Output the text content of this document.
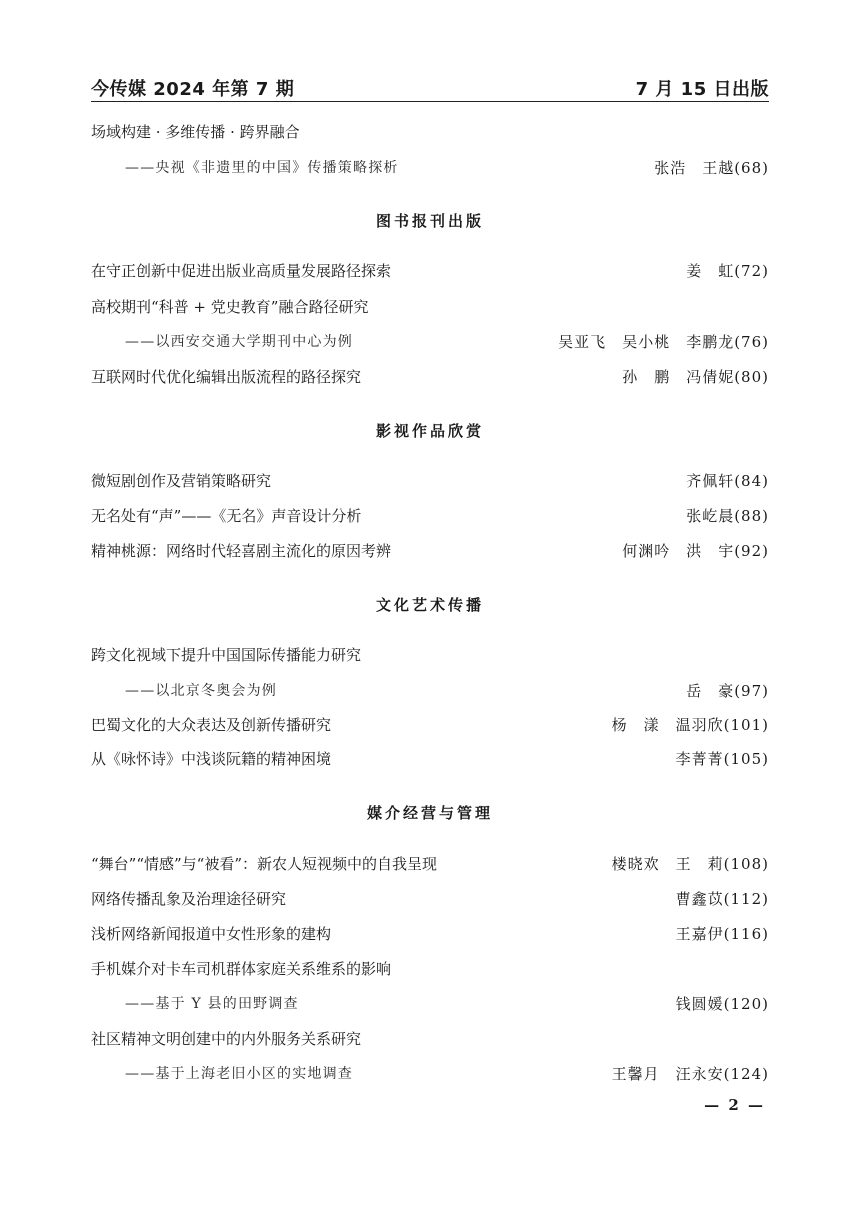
今传媒 2024 年第 7 期	7 月 15 日出版
场域构建 · 多维传播 · 跨界融合
——央视《非遗里的中国》传播策略探析	张浩 王越(68)
图书报刊出版
在守正创新中促进出版业高质量发展路径探索	姜　虹(72)
高校期刊“科普 + 党史教育”融合路径研究
——以西安交通大学期刊中心为例	吴亚飞 吴小桃 李鹏龙(76)
互联网时代优化编辑出版流程的路径探究	孙　鹏 冯倩妮(80)
影视作品欣赏
微短剧创作及营销策略研究	齐佩轩(84)
无名处有“声”——《无名》声音设计分析	张屹晨(88)
精神桃源：网络时代轻喜剧主流化的原因考辨	何渊吟 洪　宇(92)
文化艺术传播
跨文化视域下提升中国国际传播能力研究
——以北京冬奥会为例	岳　豪(97)
巴蜀文化的大众表达及创新传播研究	杨　漾 温羽欣(101)
从《咏怀诗》中浅谈阮籍的精神困境	李菁菁(105)
媒介经营与管理
“舞台”“情感”与“被看”：新农人短视频中的自我呈现	楼晓欢 王　莉(108)
网络传播乱象及治理途径研究	曹鑫苡(112)
浅析网络新闻报道中女性形象的建构	王嘉伊(116)
手机媒介对卡车司机群体家庭关系维系的影响
——基于 Y 县的田野调查	钱圆媛(120)
社区精神文明创建中的内外服务关系研究
——基于上海老旧小区的实地调查	王馨月 汪永安(124)
— 2 —
